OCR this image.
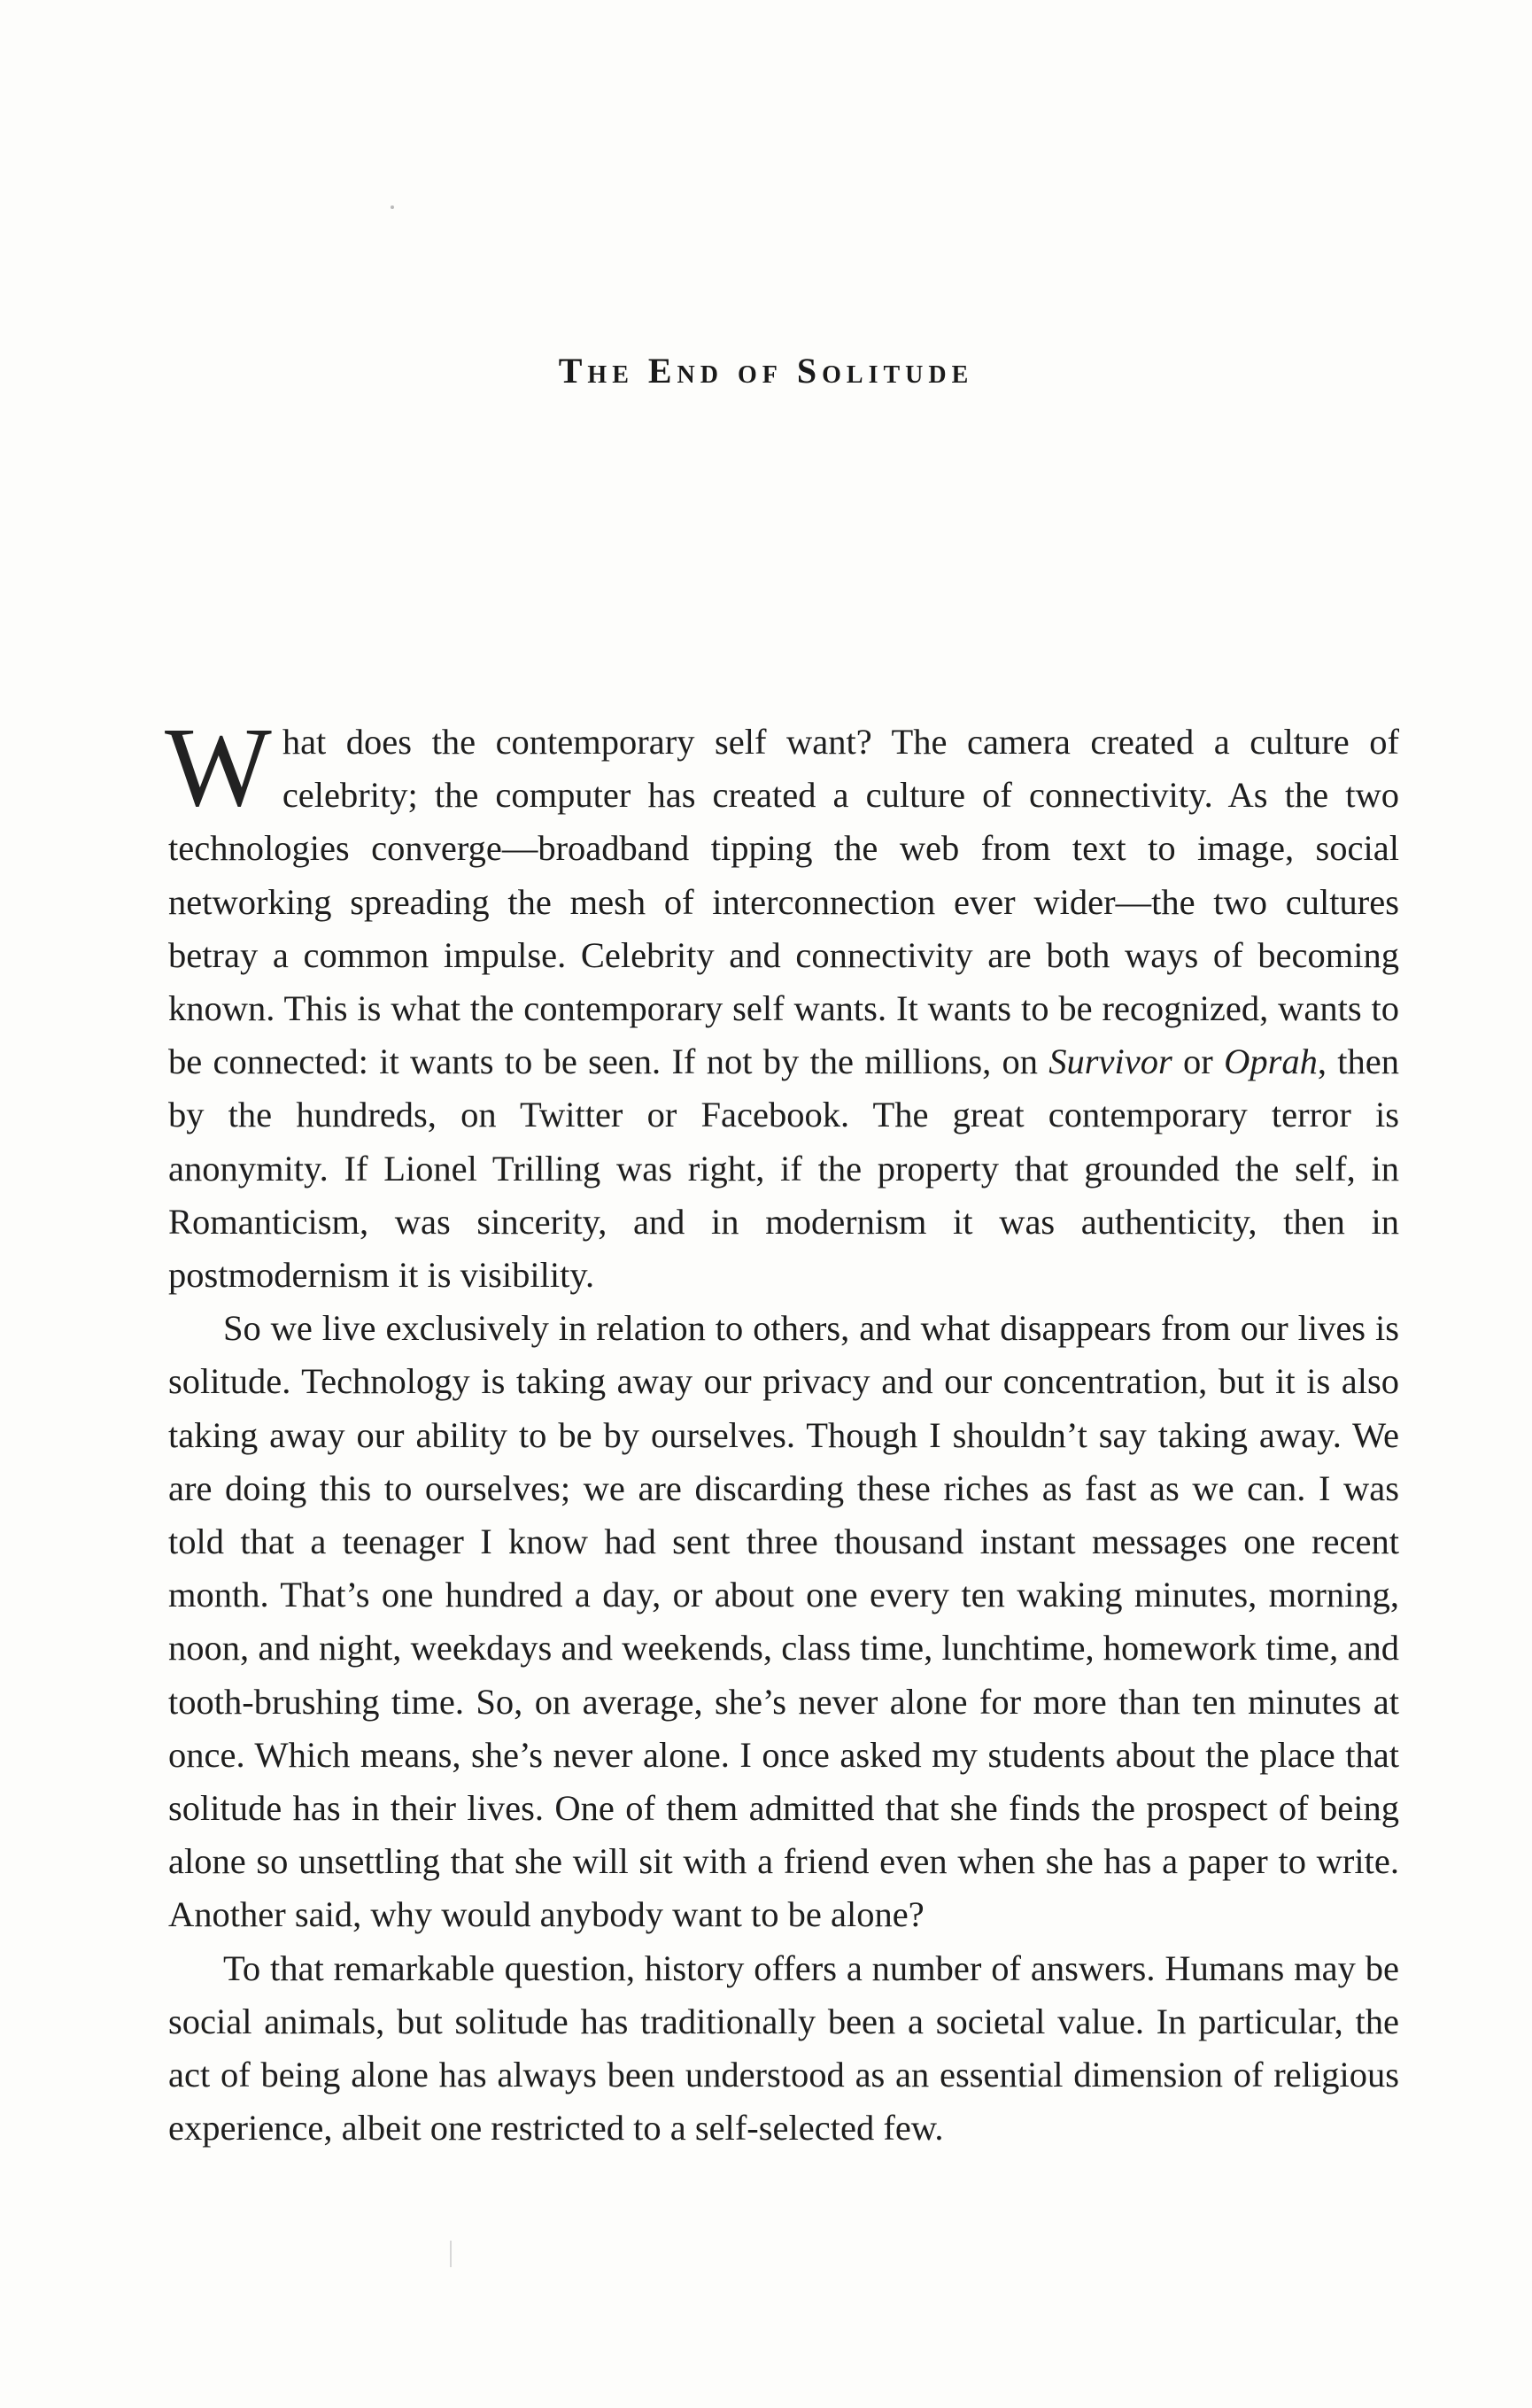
The End of Solitude

What does the contemporary self want? The camera created a culture of celebrity; the computer has created a culture of connectivity. As the two technologies converge—broadband tipping the web from text to image, social networking spreading the mesh of interconnection ever wider—the two cultures betray a common impulse. Celebrity and connectivity are both ways of becoming known. This is what the contemporary self wants. It wants to be recognized, wants to be connected: it wants to be seen. If not by the millions, on Survivor or Oprah, then by the hundreds, on Twitter or Facebook. The great contemporary terror is anonymity. If Lionel Trilling was right, if the property that grounded the self, in Romanticism, was sincerity, and in modernism it was authenticity, then in postmodernism it is visibility.

So we live exclusively in relation to others, and what disappears from our lives is solitude. Technology is taking away our privacy and our concentration, but it is also taking away our ability to be by ourselves. Though I shouldn’t say taking away. We are doing this to ourselves; we are discarding these riches as fast as we can. I was told that a teenager I know had sent three thousand instant messages one recent month. That’s one hundred a day, or about one every ten waking minutes, morning, noon, and night, weekdays and weekends, class time, lunchtime, homework time, and tooth-brushing time. So, on average, she’s never alone for more than ten minutes at once. Which means, she’s never alone. I once asked my students about the place that solitude has in their lives. One of them admitted that she finds the prospect of being alone so unsettling that she will sit with a friend even when she has a paper to write. Another said, why would anybody want to be alone?

To that remarkable question, history offers a number of answers. Humans may be social animals, but solitude has traditionally been a societal value. In particular, the act of being alone has always been understood as an essential dimension of religious experience, albeit one restricted to a self-selected few.
